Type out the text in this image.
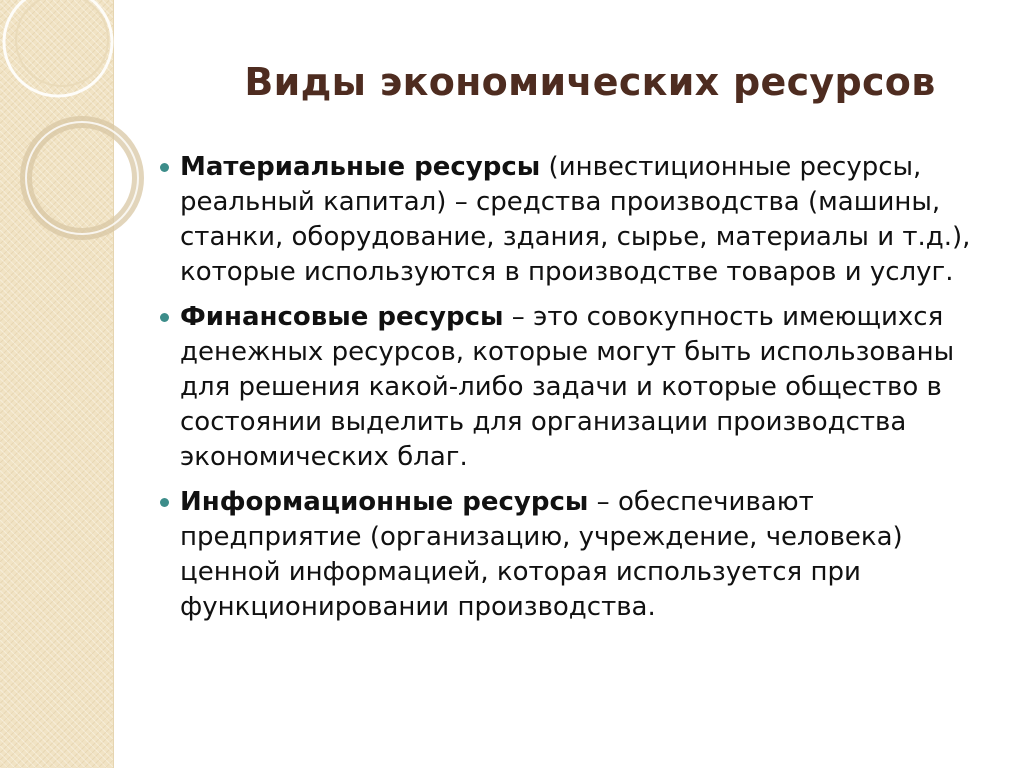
Виды экономических ресурсов
Материальные ресурсы (инвестиционные ресурсы, реальный капитал) – средства производства (машины, станки, оборудование, здания, сырье, материалы и т.д.), которые используются в производстве товаров и услуг.
Финансовые ресурсы – это совокупность имеющихся денежных ресурсов, которые могут быть использованы для решения какой-либо задачи и которые общество в состоянии выделить для организации производства экономических благ.
Информационные ресурсы – обеспечивают предприятие (организацию, учреждение, человека) ценной информацией, которая используется при функционировании производства.
